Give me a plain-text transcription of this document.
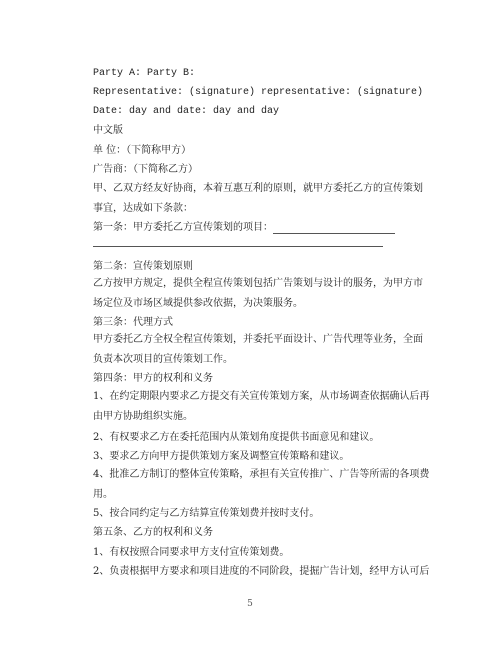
Party A: Party B:
Representative: (signature) representative: (signature)
Date: day and date: day and day
中文版
单 位：（下简称甲方）
广告商：（下简称乙方）
甲、乙双方经友好协商，本着互惠互利的原则，就甲方委托乙方的宣传策划事宜，达成如下条款：
第一条：甲方委托乙方宣传策划的项目：
第二条：宣传策划原则
乙方按甲方规定，提供全程宣传策划包括广告策划与设计的服务，为甲方市场定位及市场区域提供参改依据，为决策服务。
第三条：代理方式
甲方委托乙方全权全程宣传策划，并委托平面设计、广告代理等业务，全面负责本次项目的宣传策划工作。
第四条：甲方的权利和义务
1、在约定期限内要求乙方提交有关宣传策划方案，从市场调查依据确认后再由甲方协助组织实施。
2、有权要求乙方在委托范围内从策划角度提供书面意见和建议。
3、要求乙方向甲方提供策划方案及调整宣传策略和建议。
4、批准乙方制订的整体宣传策略，承担有关宣传推广、广告等所需的各项费用。
5、按合同约定与乙方结算宣传策划费并按时支付。
第五条、乙方的权利和义务
1、有权按照合同要求甲方支付宣传策划费。
2、负责根据甲方要求和项目进度的不同阶段，提掘广告计划，经甲方认可后
5
